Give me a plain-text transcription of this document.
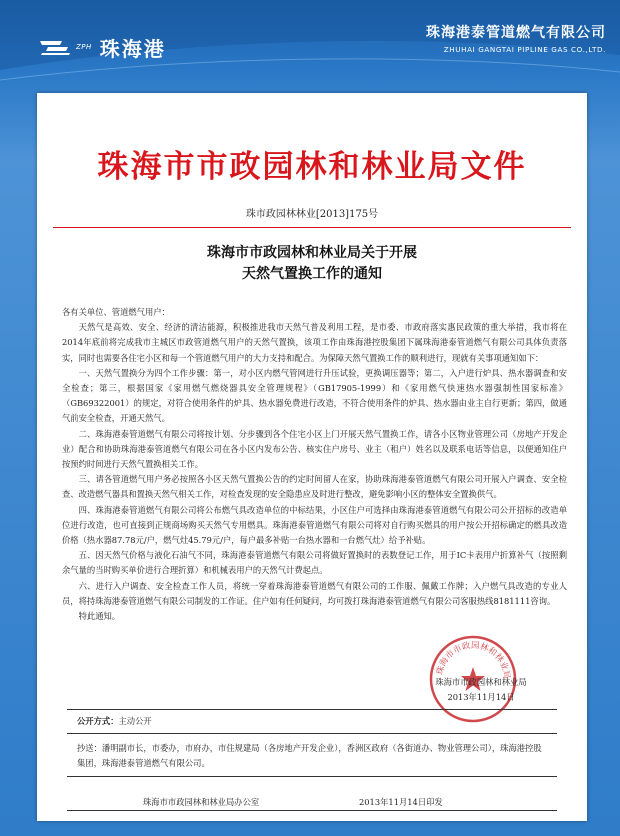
ZPH 珠海港
珠海港泰管道燃气有限公司
ZHUHAI GANGTAI PIPLINE GAS CO.,LTD.
珠海市市政园林和林业局文件
珠市政园林林业[2013]175号
珠海市市政园林和林业局关于开展
天然气置换工作的通知

各有关单位、管道燃气用户：

天然气是高效、安全、经济的清洁能源，积极推进我市天然气普及利用工程，是市委、市政府落实惠民政策的重大举措，我市将在2014年底前将完成我市主城区市政管道燃气用户的天然气置换，该项工作由珠海港控股集团下属珠海港泰管道燃气有限公司具体负责落实，同时也需要各住宅小区和每一个管道燃气用户的大力支持和配合。为保障天然气置换工作的顺利进行，现就有关事项通知如下：

一、天然气置换分为四个工作步骤：第一，对小区内燃气管网进行升压试验，更换调压器等；第二，入户进行炉具、热水器调查和安全检查；第三，根据国家《家用燃气燃烧器具安全管理规程》（GB17905-1999）和《家用燃气快速热水器强制性国家标准》（GB69322001）的规定，对符合使用条件的炉具、热水器免费进行改造，不符合使用条件的炉具、热水器由业主自行更新；第四，做通气前安全检查，开通天然气。

二、珠海港泰管道燃气有限公司将按计划、分步骤到各个住宅小区上门开展天然气置换工作，请各小区物业管理公司（房地产开发企业）配合和协助珠海港泰管道燃气有限公司在各小区内发布公告、核实住户房号、业主（租户）姓名以及联系电话等信息，以便通知住户按预约时间进行天然气置换相关工作。

三、请各管道燃气用户务必按照各小区天然气置换公告的约定时间留人在家，协助珠海港泰管道燃气有限公司开展入户调查、安全检查、改造燃气器具和置换天然气相关工作，对检查发现的安全隐患应及时进行整改，避免影响小区的整体安全置换供气。

四、珠海港泰管道燃气有限公司将公布燃气具改造单位的中标结果，小区住户可选择由珠海港泰管道燃气有限公司公开招标的改造单位进行改造，也可直接到正规商场购买天然气专用燃具。珠海港泰管道燃气有限公司将对自行购买燃具的用户按公开招标确定的燃具改造价格（热水器87.78元/户，燃气灶45.79元/户，每户最多补贴一台热水器和一台燃气灶）给予补贴。

五、因天然气价格与液化石油气不同，珠海港泰管道燃气有限公司将做好置换时的表数登记工作，用于IC卡表用户折算补气（按照剩余气量的当时购买单价进行合理折算）和机械表用户的天然气计费起点。

六、进行入户调查、安全检查工作人员，将统一穿着珠海港泰管道燃气有限公司的工作服、佩戴工作牌；入户燃气具改造的专业人员，将持珠海港泰管道燃气有限公司制发的工作证。住户如有任何疑问，均可拨打珠海港泰管道燃气有限公司客服热线8181111咨询。

特此通知。

珠海市市政园林和林业局
珠海市市政园林和林业局
2013年11月14日
公开方式：主动公开
抄送：潘明副市长，市委办，市府办，市住规建局（各房地产开发企业），香洲区政府（各街道办、物业管理公司），珠海港控股集团，珠海港泰管道燃气有限公司。
珠海市市政园林和林业局办公室	2013年11月14日印发
